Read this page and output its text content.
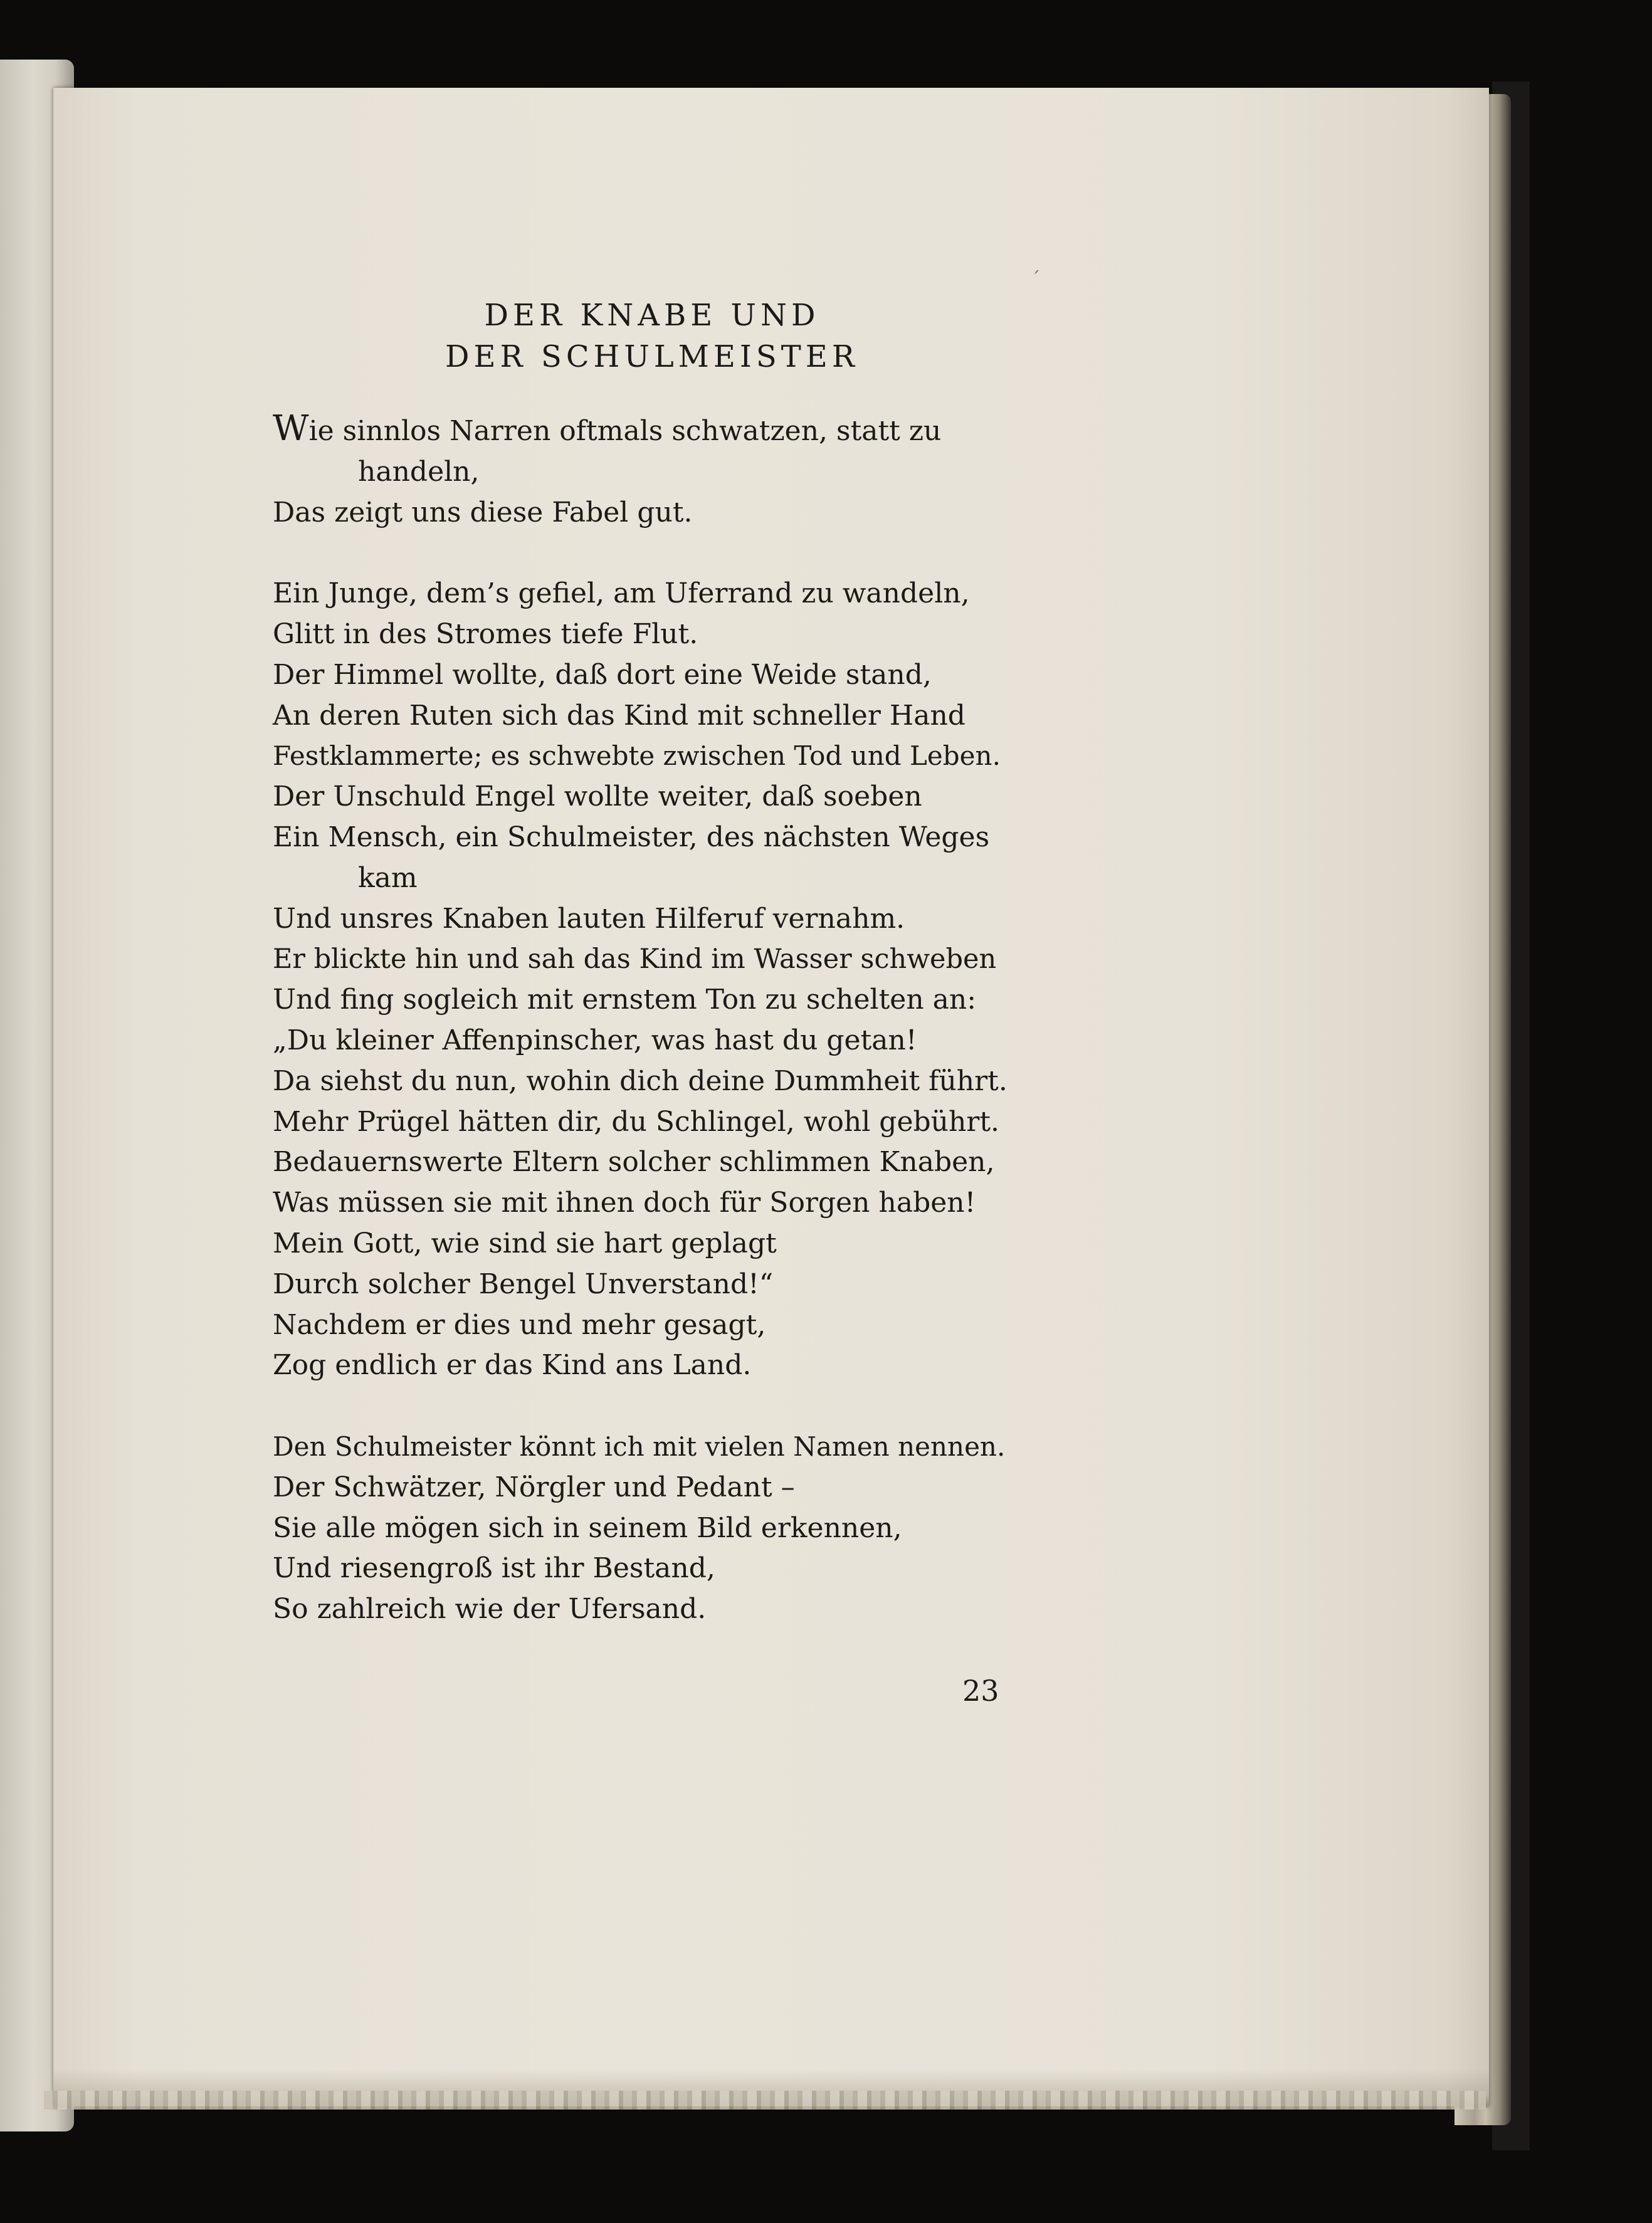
´
DER KNABE UND
DER SCHULMEISTER
Wie sinnlos Narren oftmals schwatzen, statt zu
handeln,
Das zeigt uns diese Fabel gut.
Ein Junge, dem’s gefiel, am Uferrand zu wandeln,
Glitt in des Stromes tiefe Flut.
Der Himmel wollte, daß dort eine Weide stand,
An deren Ruten sich das Kind mit schneller Hand
Festklammerte; es schwebte zwischen Tod und Leben.
Der Unschuld Engel wollte weiter, daß soeben
Ein Mensch, ein Schulmeister, des nächsten Weges
kam
Und unsres Knaben lauten Hilferuf vernahm.
Er blickte hin und sah das Kind im Wasser schweben
Und fing sogleich mit ernstem Ton zu schelten an:
„Du kleiner Affenpinscher, was hast du getan!
Da siehst du nun, wohin dich deine Dummheit führt.
Mehr Prügel hätten dir, du Schlingel, wohl gebührt.
Bedauernswerte Eltern solcher schlimmen Knaben,
Was müssen sie mit ihnen doch für Sorgen haben!
Mein Gott, wie sind sie hart geplagt
Durch solcher Bengel Unverstand!“
Nachdem er dies und mehr gesagt,
Zog endlich er das Kind ans Land.
Den Schulmeister könnt ich mit vielen Namen nennen.
Der Schwätzer, Nörgler und Pedant –
Sie alle mögen sich in seinem Bild erkennen,
Und riesengroß ist ihr Bestand,
So zahlreich wie der Ufersand.
23
